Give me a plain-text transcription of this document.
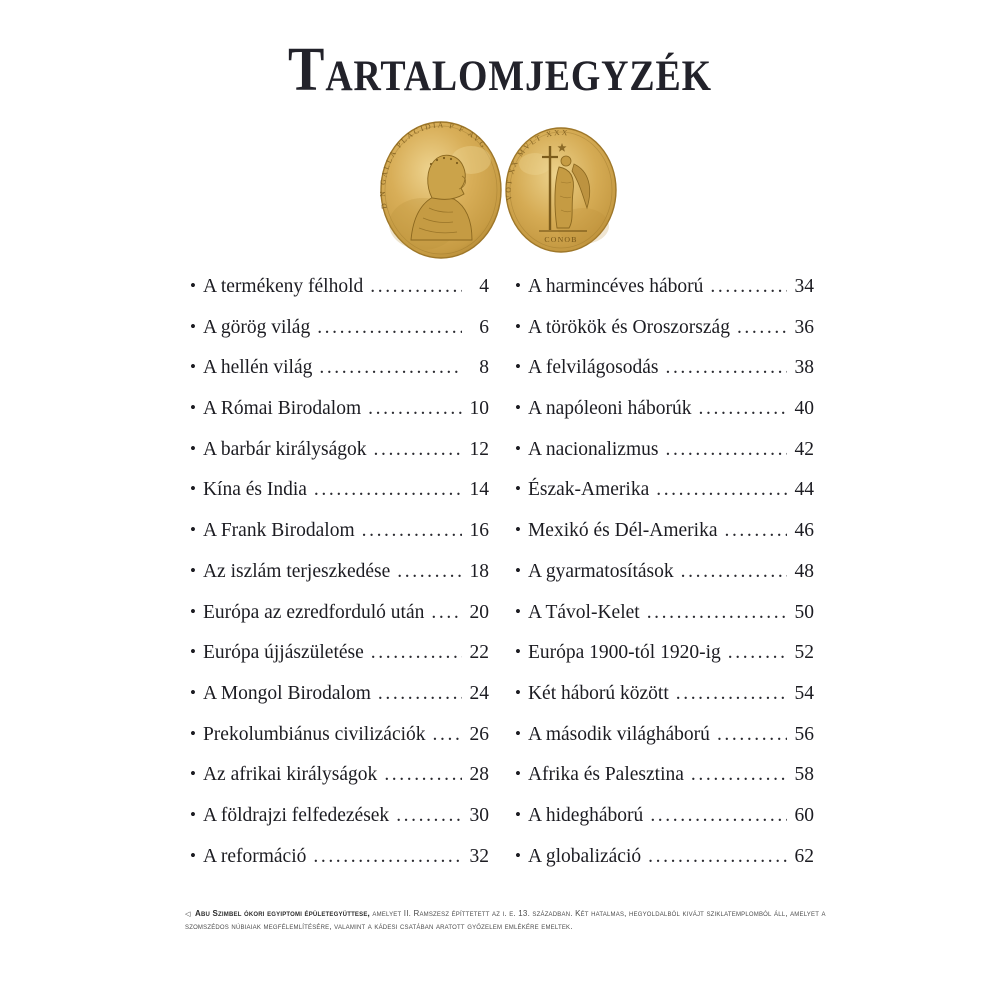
Tartalomjegyzék
D N GALLA PLACIDIA P F AVG
CONOB
VOT XX MVLT XXX
• A termékeny félhold .....	4
• A görög világ .....	6
• A hellén világ .....	8
• A Római Birodalom .....	10
• A barbár királyságok .....	12
• Kína és India .....	14
• A Frank Birodalom .....	16
• Az iszlám terjeszkedése .....	18
• Európa az ezredforduló után ..... 20
• Európa újjászületése .....	22
• A Mongol Birodalom .....	24
• Prekolumbiánus civilizációk ..... 26
• Az afrikai királyságok .....	28
• A földrajzi felfedezések .....	30
• A reformáció .....	32
• A harmincéves háború .....	34
• A törökök és Oroszország .....	36
• A felvilágosodás .....	38
• A napóleoni háborúk .....	40
• A nacionalizmus .....	42
• Észak-Amerika .....	44
• Mexikó és Dél-Amerika .....	46
• A gyarmatosítások .....	48
• A Távol-Kelet .....	50
• Európa 1900-tól 1920-ig .....	52
• Két háború között .....	54
• A második világháború .....	56
• Afrika és Palesztina .....	58
• A hidegháború .....	60
• A globalizáció .....	62

◁ Abu Szimbel ókori egyiptomi épületegyüttese, amelyet II. Ramszesz építtetett az i. e. 13. században. Két hatalmas, hegyoldalból kivájt sziklatemplomból áll, amelyet a szomszédos núbiaiak megfélemlítésére, valamint a kádesi csatában aratott győzelem emlékére emeltek.
